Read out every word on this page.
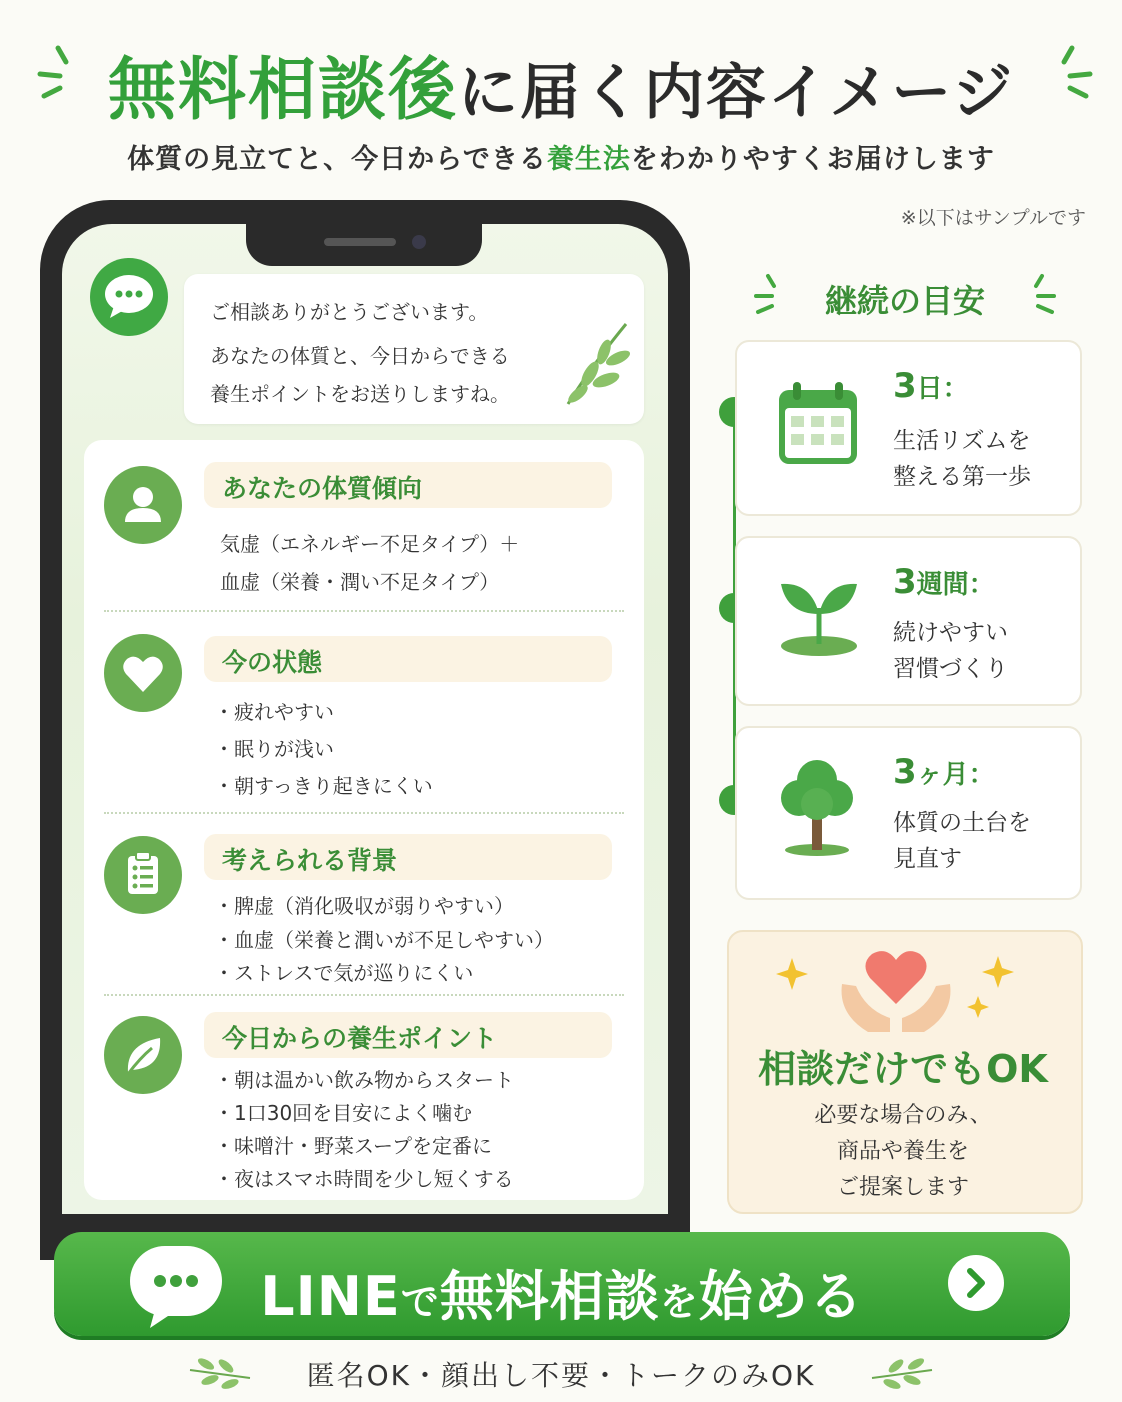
無料相談後に届く内容イメージ
体質の見立てと、今日からできる養生法をわかりやすくお届けします
※以下はサンプルです

ご相談ありがとうございます。

あなたの体質と、今日からできる

養生ポイントをお送りしますね。

あなたの体質傾向
気虚（エネルギー不足タイプ）＋
血虚（栄養・潤い不足タイプ）
今の状態
・疲れやすい
・眠りが浅い
・朝すっきり起きにくい
考えられる背景
・脾虚（消化吸収が弱りやすい）
・血虚（栄養と潤いが不足しやすい）
・ストレスで気が巡りにくい
今日からの養生ポイント
・朝は温かい飲み物からスタート
・1口30回を目安によく噛む
・味噌汁・野菜スープを定番に
・夜はスマホ時間を少し短くする
継続の目安
3日：
生活リズムを
整える第一歩
3週間：
続けやすい
習慣づくり
3ヶ月：
体質の土台を
見直す
相談だけでもOK
必要な場合のみ、
商品や養生を
ご提案します
LINEで無料相談を始める
匿名OK・顔出し不要・トークのみOK
